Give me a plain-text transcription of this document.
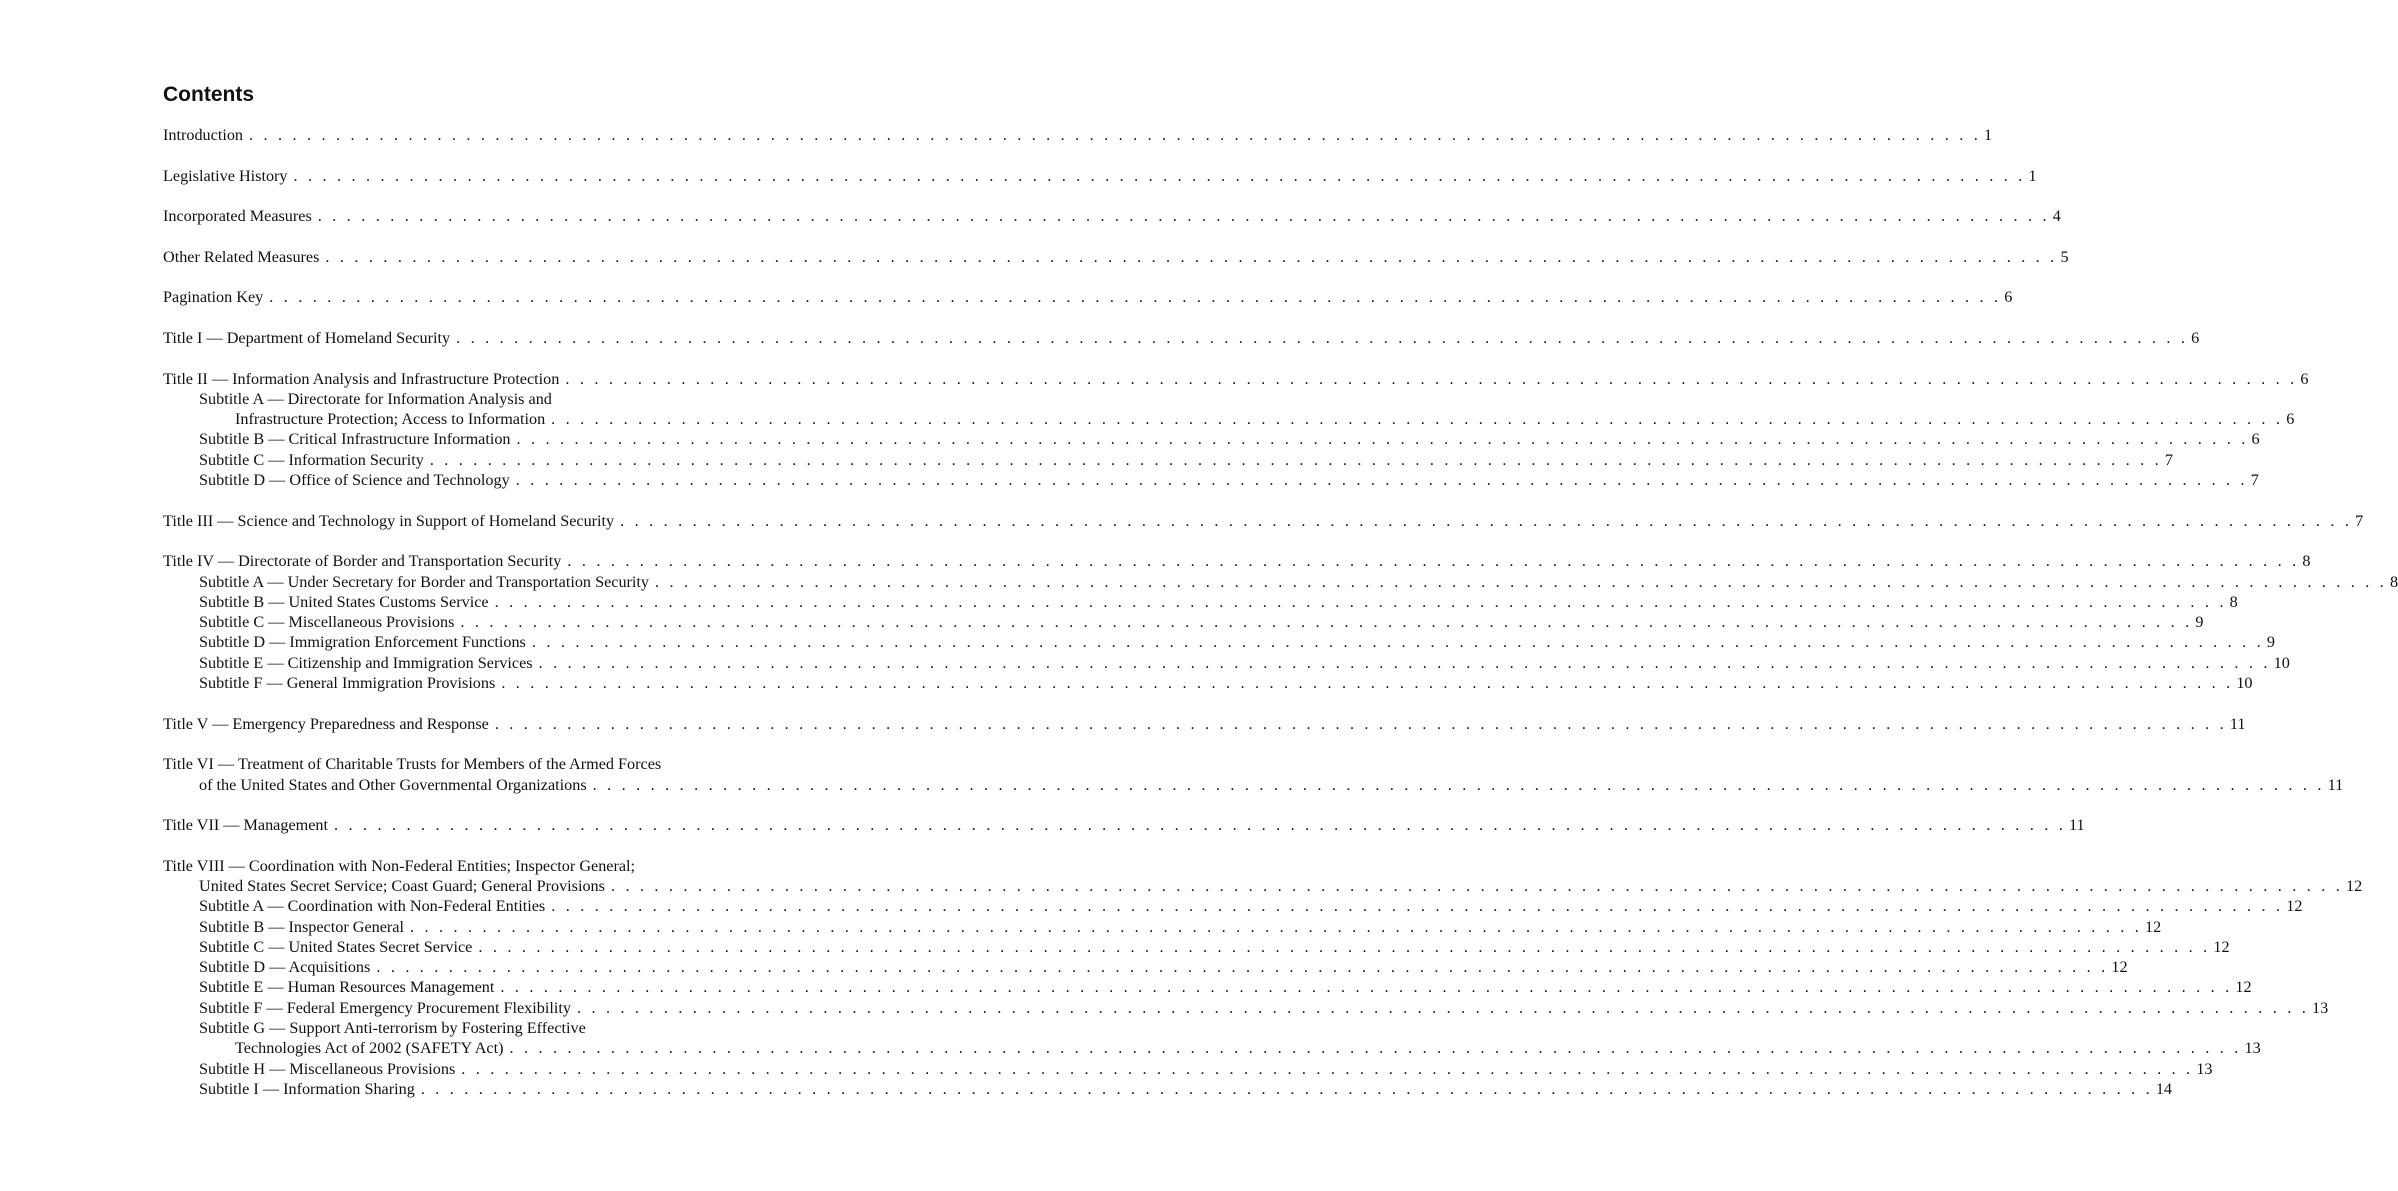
Contents
Introduction . . . . . . . . . . . . . . . . . . . . . . . . . . . . . . . . . . . . . . . . . . . . . . . . . . . . . . . . . . . . . . . . . . . . . . . . . . . . . . . . . . . . . . . . . . . . . . . . . . . . . . . . . . . . . . . . . . . . . . . . 1
Legislative History . . . . . . . . . . . . . . . . . . . . . . . . . . . . . . . . . . . . . . . . . . . . . . . . . . . . . . . . . . . . . . . . . . . . . . . . . . . . . . . . . . . . . . . . . . . . . . . . . . . . . . . . . . . . . . . . . . . . . . . . 1
Incorporated Measures . . . . . . . . . . . . . . . . . . . . . . . . . . . . . . . . . . . . . . . . . . . . . . . . . . . . . . . . . . . . . . . . . . . . . . . . . . . . . . . . . . . . . . . . . . . . . . . . . . . . . . . . . . . . . . . . . . . . . . . . 4
Other Related Measures . . . . . . . . . . . . . . . . . . . . . . . . . . . . . . . . . . . . . . . . . . . . . . . . . . . . . . . . . . . . . . . . . . . . . . . . . . . . . . . . . . . . . . . . . . . . . . . . . . . . . . . . . . . . . . . . . . . . . . . . 5
Pagination Key . . . . . . . . . . . . . . . . . . . . . . . . . . . . . . . . . . . . . . . . . . . . . . . . . . . . . . . . . . . . . . . . . . . . . . . . . . . . . . . . . . . . . . . . . . . . . . . . . . . . . . . . . . . . . . . . . . . . . . . . 6
Title I — Department of Homeland Security . . . . . . . . . . . . . . . . . . . . . . . . . . . . . . . . . . . . . . . . . . . . . . . . . . . . . . . . . . . . . . . . . . . . . . . . . . . . . . . . . . . . . . . . . . . . . . . . . . . . . . . . . . . . . . . . . . . . . . . . 6
Title II — Information Analysis and Infrastructure Protection . . . . . . . . . . . . . . . . . . . . . . . . . . . . . . . . . . . . . . . . . . . . . . . . . . . . . . . . . . . . . . . . . . . . . . . . . . . . . . . . . . . . . . . . . . . . . . . . . . . . . . . . . . . . . . . . . . . . . . . . 6
Subtitle A — Directorate for Information Analysis and
Infrastructure Protection; Access to Information . . . . . . . . . . . . . . . . . . . . . . . . . . . . . . . . . . . . . . . . . . . . . . . . . . . . . . . . . . . . . . . . . . . . . . . . . . . . . . . . . . . . . . . . . . . . . . . . . . . . . . . . . . . . . . . . . . . . . . . . 6
Subtitle B — Critical Infrastructure Information . . . . . . . . . . . . . . . . . . . . . . . . . . . . . . . . . . . . . . . . . . . . . . . . . . . . . . . . . . . . . . . . . . . . . . . . . . . . . . . . . . . . . . . . . . . . . . . . . . . . . . . . . . . . . . . . . . . . . . . . 6
Subtitle C — Information Security . . . . . . . . . . . . . . . . . . . . . . . . . . . . . . . . . . . . . . . . . . . . . . . . . . . . . . . . . . . . . . . . . . . . . . . . . . . . . . . . . . . . . . . . . . . . . . . . . . . . . . . . . . . . . . . . . . . . . . . . 7
Subtitle D — Office of Science and Technology . . . . . . . . . . . . . . . . . . . . . . . . . . . . . . . . . . . . . . . . . . . . . . . . . . . . . . . . . . . . . . . . . . . . . . . . . . . . . . . . . . . . . . . . . . . . . . . . . . . . . . . . . . . . . . . . . . . . . . . . 7
Title III — Science and Technology in Support of Homeland Security . . . . . . . . . . . . . . . . . . . . . . . . . . . . . . . . . . . . . . . . . . . . . . . . . . . . . . . . . . . . . . . . . . . . . . . . . . . . . . . . . . . . . . . . . . . . . . . . . . . . . . . . . . . . . . . . . . . . . . . . 7
Title IV — Directorate of Border and Transportation Security . . . . . . . . . . . . . . . . . . . . . . . . . . . . . . . . . . . . . . . . . . . . . . . . . . . . . . . . . . . . . . . . . . . . . . . . . . . . . . . . . . . . . . . . . . . . . . . . . . . . . . . . . . . . . . . . . . . . . . . . 8
Subtitle A — Under Secretary for Border and Transportation Security . . . . . . . . . . . . . . . . . . . . . . . . . . . . . . . . . . . . . . . . . . . . . . . . . . . . . . . . . . . . . . . . . . . . . . . . . . . . . . . . . . . . . . . . . . . . . . . . . . . . . . . . . . . . . . . . . . . . . . . . 8
Subtitle B — United States Customs Service . . . . . . . . . . . . . . . . . . . . . . . . . . . . . . . . . . . . . . . . . . . . . . . . . . . . . . . . . . . . . . . . . . . . . . . . . . . . . . . . . . . . . . . . . . . . . . . . . . . . . . . . . . . . . . . . . . . . . . . . 8
Subtitle C — Miscellaneous Provisions . . . . . . . . . . . . . . . . . . . . . . . . . . . . . . . . . . . . . . . . . . . . . . . . . . . . . . . . . . . . . . . . . . . . . . . . . . . . . . . . . . . . . . . . . . . . . . . . . . . . . . . . . . . . . . . . . . . . . . . . 9
Subtitle D — Immigration Enforcement Functions . . . . . . . . . . . . . . . . . . . . . . . . . . . . . . . . . . . . . . . . . . . . . . . . . . . . . . . . . . . . . . . . . . . . . . . . . . . . . . . . . . . . . . . . . . . . . . . . . . . . . . . . . . . . . . . . . . . . . . . . 9
Subtitle E — Citizenship and Immigration Services . . . . . . . . . . . . . . . . . . . . . . . . . . . . . . . . . . . . . . . . . . . . . . . . . . . . . . . . . . . . . . . . . . . . . . . . . . . . . . . . . . . . . . . . . . . . . . . . . . . . . . . . . . . . . . . . . . . . . . . . 10
Subtitle F — General Immigration Provisions . . . . . . . . . . . . . . . . . . . . . . . . . . . . . . . . . . . . . . . . . . . . . . . . . . . . . . . . . . . . . . . . . . . . . . . . . . . . . . . . . . . . . . . . . . . . . . . . . . . . . . . . . . . . . . . . . . . . . . . . 10
Title V — Emergency Preparedness and Response . . . . . . . . . . . . . . . . . . . . . . . . . . . . . . . . . . . . . . . . . . . . . . . . . . . . . . . . . . . . . . . . . . . . . . . . . . . . . . . . . . . . . . . . . . . . . . . . . . . . . . . . . . . . . . . . . . . . . . . . 11
Title VI — Treatment of Charitable Trusts for Members of the Armed Forces
of the United States and Other Governmental Organizations . . . . . . . . . . . . . . . . . . . . . . . . . . . . . . . . . . . . . . . . . . . . . . . . . . . . . . . . . . . . . . . . . . . . . . . . . . . . . . . . . . . . . . . . . . . . . . . . . . . . . . . . . . . . . . . . . . . . . . . . 11
Title VII — Management . . . . . . . . . . . . . . . . . . . . . . . . . . . . . . . . . . . . . . . . . . . . . . . . . . . . . . . . . . . . . . . . . . . . . . . . . . . . . . . . . . . . . . . . . . . . . . . . . . . . . . . . . . . . . . . . . . . . . . . . 11
Title VIII — Coordination with Non-Federal Entities; Inspector General;
United States Secret Service; Coast Guard; General Provisions . . . . . . . . . . . . . . . . . . . . . . . . . . . . . . . . . . . . . . . . . . . . . . . . . . . . . . . . . . . . . . . . . . . . . . . . . . . . . . . . . . . . . . . . . . . . . . . . . . . . . . . . . . . . . . . . . . . . . . . . 12
Subtitle A — Coordination with Non-Federal Entities . . . . . . . . . . . . . . . . . . . . . . . . . . . . . . . . . . . . . . . . . . . . . . . . . . . . . . . . . . . . . . . . . . . . . . . . . . . . . . . . . . . . . . . . . . . . . . . . . . . . . . . . . . . . . . . . . . . . . . . . 12
Subtitle B — Inspector General . . . . . . . . . . . . . . . . . . . . . . . . . . . . . . . . . . . . . . . . . . . . . . . . . . . . . . . . . . . . . . . . . . . . . . . . . . . . . . . . . . . . . . . . . . . . . . . . . . . . . . . . . . . . . . . . . . . . . . . . 12
Subtitle C — United States Secret Service . . . . . . . . . . . . . . . . . . . . . . . . . . . . . . . . . . . . . . . . . . . . . . . . . . . . . . . . . . . . . . . . . . . . . . . . . . . . . . . . . . . . . . . . . . . . . . . . . . . . . . . . . . . . . . . . . . . . . . . . 12
Subtitle D — Acquisitions . . . . . . . . . . . . . . . . . . . . . . . . . . . . . . . . . . . . . . . . . . . . . . . . . . . . . . . . . . . . . . . . . . . . . . . . . . . . . . . . . . . . . . . . . . . . . . . . . . . . . . . . . . . . . . . . . . . . . . . . 12
Subtitle E — Human Resources Management . . . . . . . . . . . . . . . . . . . . . . . . . . . . . . . . . . . . . . . . . . . . . . . . . . . . . . . . . . . . . . . . . . . . . . . . . . . . . . . . . . . . . . . . . . . . . . . . . . . . . . . . . . . . . . . . . . . . . . . . 12
Subtitle F — Federal Emergency Procurement Flexibility . . . . . . . . . . . . . . . . . . . . . . . . . . . . . . . . . . . . . . . . . . . . . . . . . . . . . . . . . . . . . . . . . . . . . . . . . . . . . . . . . . . . . . . . . . . . . . . . . . . . . . . . . . . . . . . . . . . . . . . . 13
Subtitle G — Support Anti-terrorism by Fostering Effective
Technologies Act of 2002 (SAFETY Act) . . . . . . . . . . . . . . . . . . . . . . . . . . . . . . . . . . . . . . . . . . . . . . . . . . . . . . . . . . . . . . . . . . . . . . . . . . . . . . . . . . . . . . . . . . . . . . . . . . . . . . . . . . . . . . . . . . . . . . . . 13
Subtitle H — Miscellaneous Provisions . . . . . . . . . . . . . . . . . . . . . . . . . . . . . . . . . . . . . . . . . . . . . . . . . . . . . . . . . . . . . . . . . . . . . . . . . . . . . . . . . . . . . . . . . . . . . . . . . . . . . . . . . . . . . . . . . . . . . . . . 13
Subtitle I — Information Sharing . . . . . . . . . . . . . . . . . . . . . . . . . . . . . . . . . . . . . . . . . . . . . . . . . . . . . . . . . . . . . . . . . . . . . . . . . . . . . . . . . . . . . . . . . . . . . . . . . . . . . . . . . . . . . . . . . . . . . . . . 14
